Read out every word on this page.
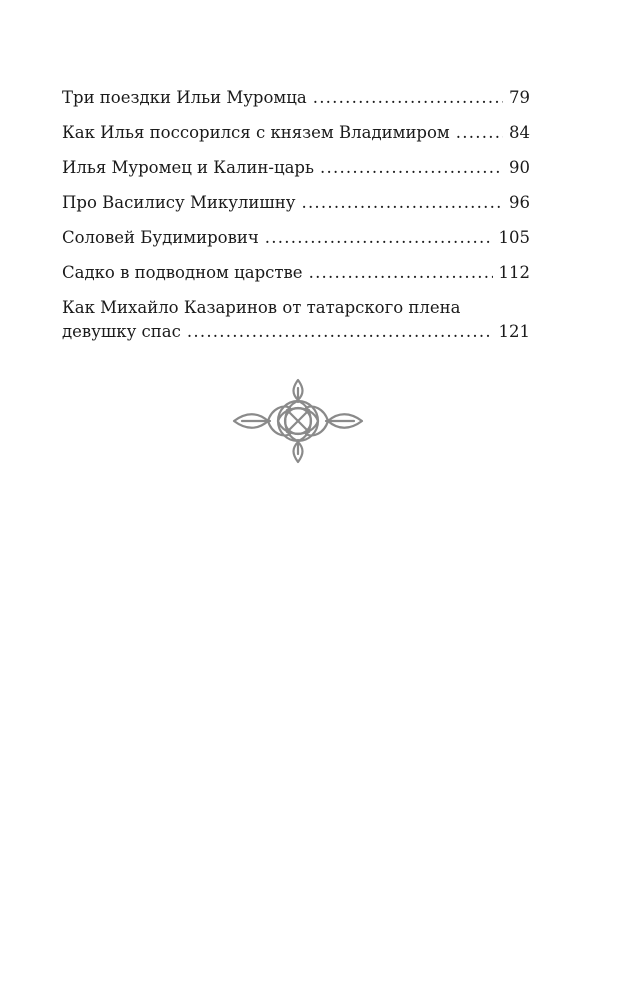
Три поездки Ильи Муромца . . .	79
Как Илья поссорился с князем Владимиром . . .	84
Илья Муромец и Калин-царь . . .	90
Про Василису Микулишну . . .	96
Соловей Будимирович . . .	105
Садко в подводном царстве . . .	112
Как Михайло Казаринов от татарского плена
девушку спас . . .	121
